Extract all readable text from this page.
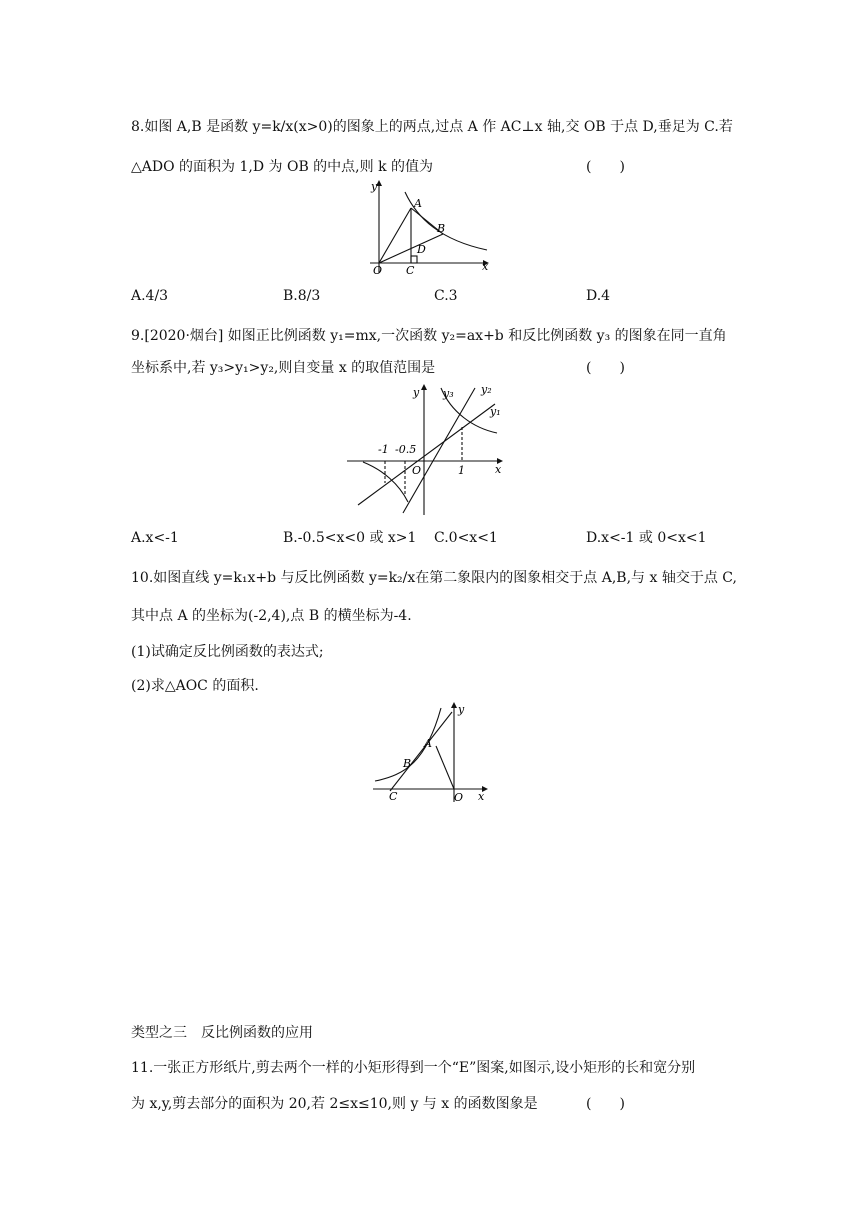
8.如图 A,B 是函数 y=k/x(x>0)的图象上的两点,过点 A 作 AC⊥x 轴,交 OB 于点 D,垂足为 C.若
△ADO 的面积为 1,D 为 OB 的中点,则 k 的值为	(　　)
y
x
A
B
D
C
O
A.4/3	B.8/3	C.3	D.4
9.[2020·烟台] 如图正比例函数 y₁=mx,一次函数 y₂=ax+b 和反比例函数 y₃ 的图象在同一直角
坐标系中,若 y₃>y₁>y₂,则自变量 x 的取值范围是	(　　)
y
x
y₃ y₂
y₁
-1 -0.5
1
O
A.x<-1	B.-0.5<x<0 或 x>1 C.0<x<1	D.x<-1 或 0<x<1
10.如图直线 y=k₁x+b 与反比例函数 y=k₂/x在第二象限内的图象相交于点 A,B,与 x 轴交于点 C,
其中点 A 的坐标为(-2,4),点 B 的横坐标为-4.
(1)试确定反比例函数的表达式;
(2)求△AOC 的面积.
y
x
A
B
C	O
类型之三　反比例函数的应用
11.一张正方形纸片,剪去两个一样的小矩形得到一个“E”图案,如图示,设小矩形的长和宽分别
为 x,y,剪去部分的面积为 20,若 2≤x≤10,则 y 与 x 的函数图象是	(　　)
